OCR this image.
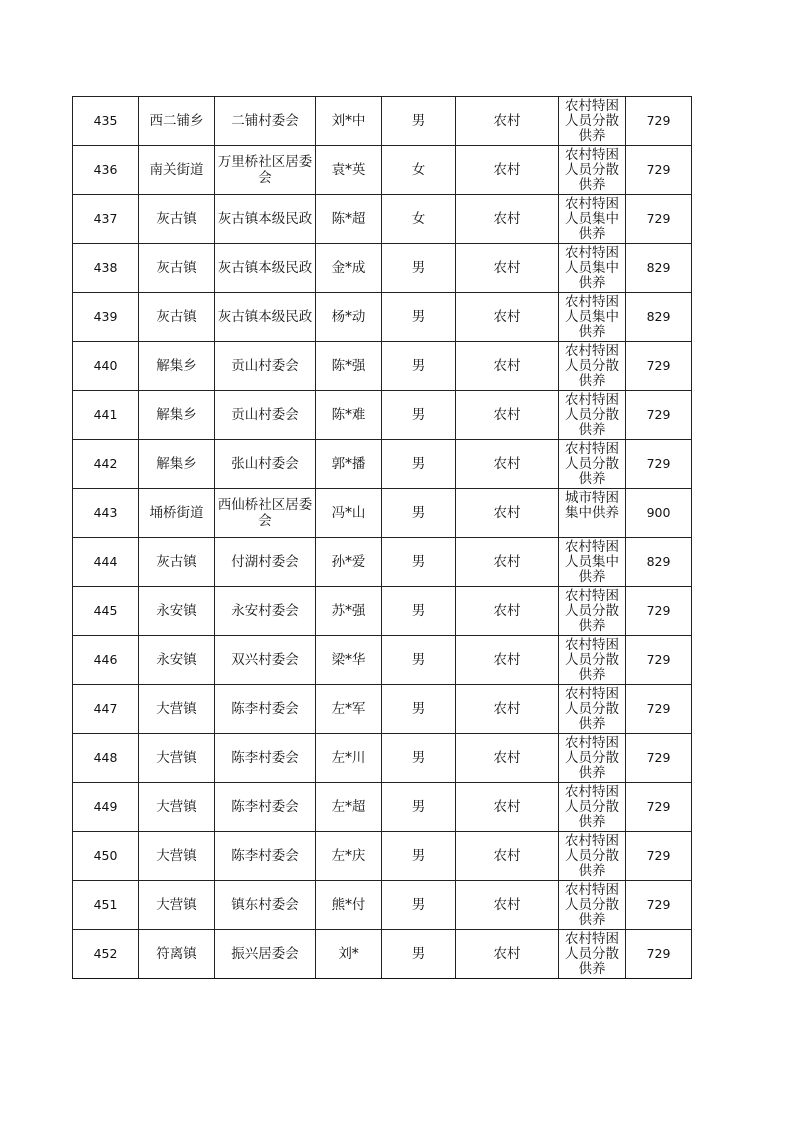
435	西二铺乡	二铺村委会	刘*中	男	农村	农村特困人员分散供养	729

436	南关街道	万里桥社区居委会	袁*英	女	农村	农村特困人员分散供养	729

437	灰古镇	灰古镇本级民政	陈*超	女	农村	农村特困人员集中供养	729

438	灰古镇	灰古镇本级民政	金*成	男	农村	农村特困人员集中供养	829

439	灰古镇	灰古镇本级民政	杨*动	男	农村	农村特困人员集中供养	829

440	解集乡	贡山村委会	陈*强	男	农村	农村特困人员分散供养	729

441	解集乡	贡山村委会	陈*难	男	农村	农村特困人员分散供养	729

442	解集乡	张山村委会	郭*播	男	农村	农村特困人员分散供养	729

443	埇桥街道	西仙桥社区居委会	冯*山	男	农村	城市特困集中供养	900

444	灰古镇	付湖村委会	孙*爱	男	农村	农村特困人员集中供养	829

445	永安镇	永安村委会	苏*强	男	农村	农村特困人员分散供养	729

446	永安镇	双兴村委会	梁*华	男	农村	农村特困人员分散供养	729

447	大营镇	陈李村委会	左*军	男	农村	农村特困人员分散供养	729

448	大营镇	陈李村委会	左*川	男	农村	农村特困人员分散供养	729

449	大营镇	陈李村委会	左*超	男	农村	农村特困人员分散供养	729

450	大营镇	陈李村委会	左*庆	男	农村	农村特困人员分散供养	729

451	大营镇	镇东村委会	熊*付	男	农村	农村特困人员分散供养	729

452	符离镇	振兴居委会	刘*	男	农村	农村特困人员分散供养	729
